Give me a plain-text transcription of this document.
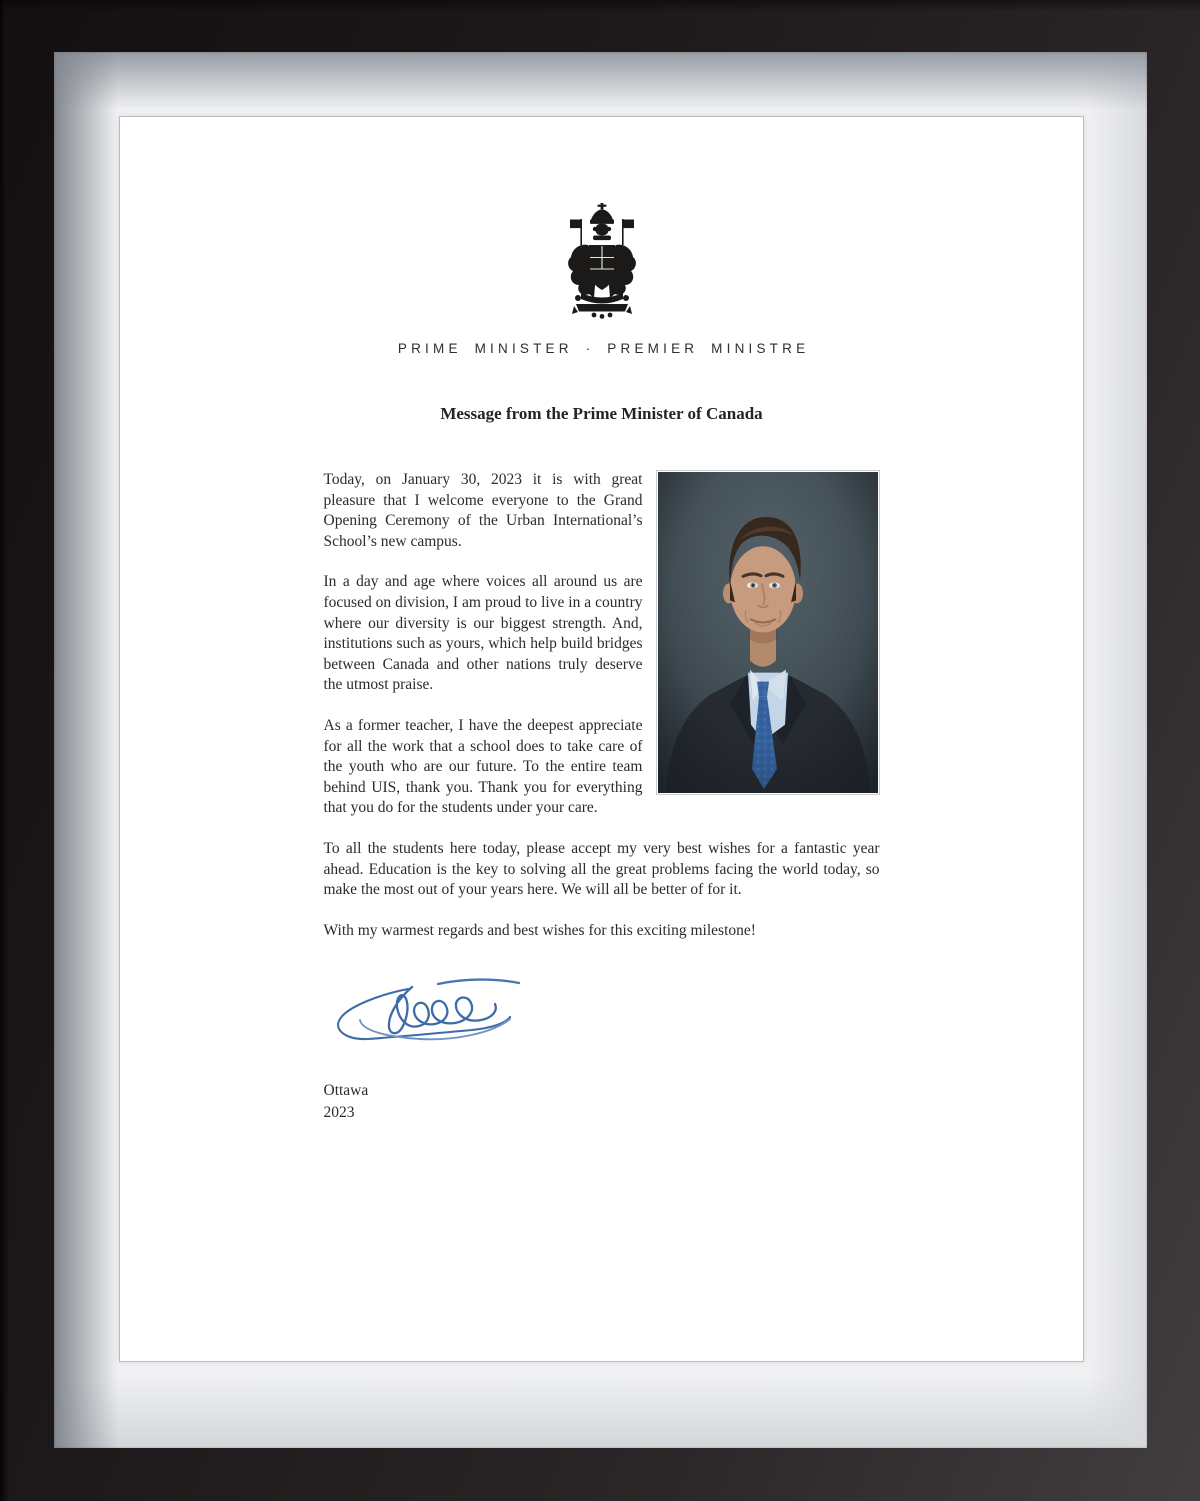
PRIME MINISTER · PREMIER MINISTRE
Message from the Prime Minister of Canada

Today, on January 30, 2023 it is with great pleasure that I welcome everyone to the Grand Opening Ceremony of the Urban International’s School’s new campus.

In a day and age where voices all around us are focused on division, I am proud to live in a country where our diversity is our biggest strength. And, institutions such as yours, which help build bridges between Canada and other nations truly deserve the utmost praise.

As a former teacher, I have the deepest appreciate for all the work that a school does to take care of the youth who are our future. To the entire team behind UIS, thank you. Thank you for everything that you do for the students under your care.

To all the students here today, please accept my very best wishes for a fantastic year ahead. Education is the key to solving all the great problems facing the world today, so make the most out of your years here. We will all be better of for it.

With my warmest regards and best wishes for this exciting milestone!

Ottawa
2023
